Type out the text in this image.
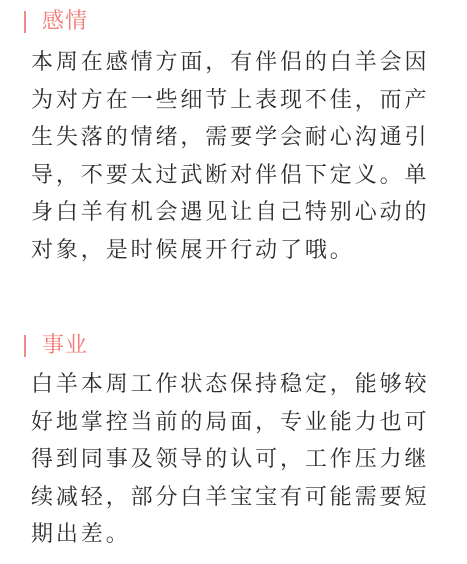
感情

本周在感情方面，有伴侣的白羊会因为对方在一些细节上表现不佳，而产生失落的情绪，需要学会耐心沟通引导，不要太过武断对伴侣下定义。单身白羊有机会遇见让自己特别心动的对象，是时候展开行动了哦。

事业

白羊本周工作状态保持稳定，能够较好地掌控当前的局面，专业能力也可得到同事及领导的认可，工作压力继续减轻，部分白羊宝宝有可能需要短期出差。
